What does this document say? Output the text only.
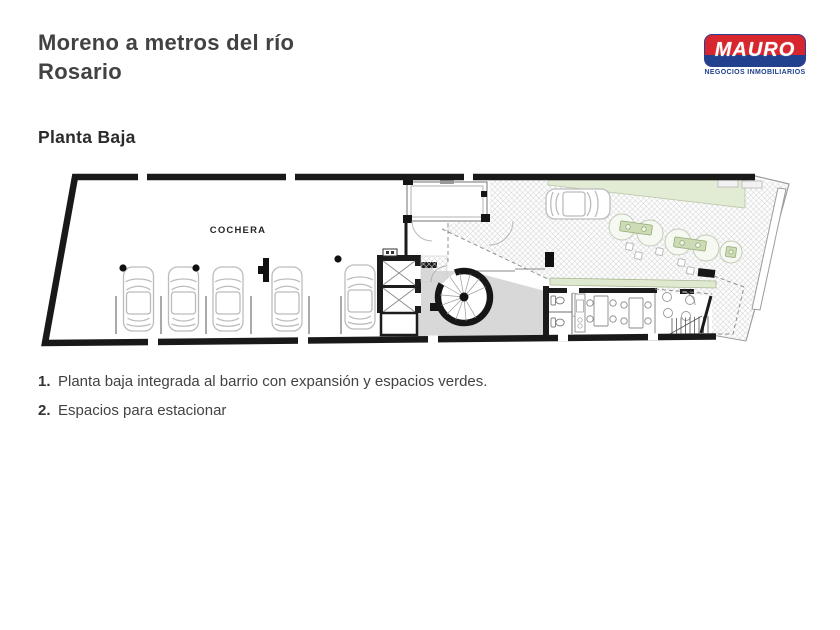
Moreno a metros del río
Rosario
MAURO
NEGOCIOS INMOBILIARIOS
Planta Baja
COCHERA
1. Planta baja integrada al barrio con expansión y espacios verdes.
2. Espacios para estacionar
